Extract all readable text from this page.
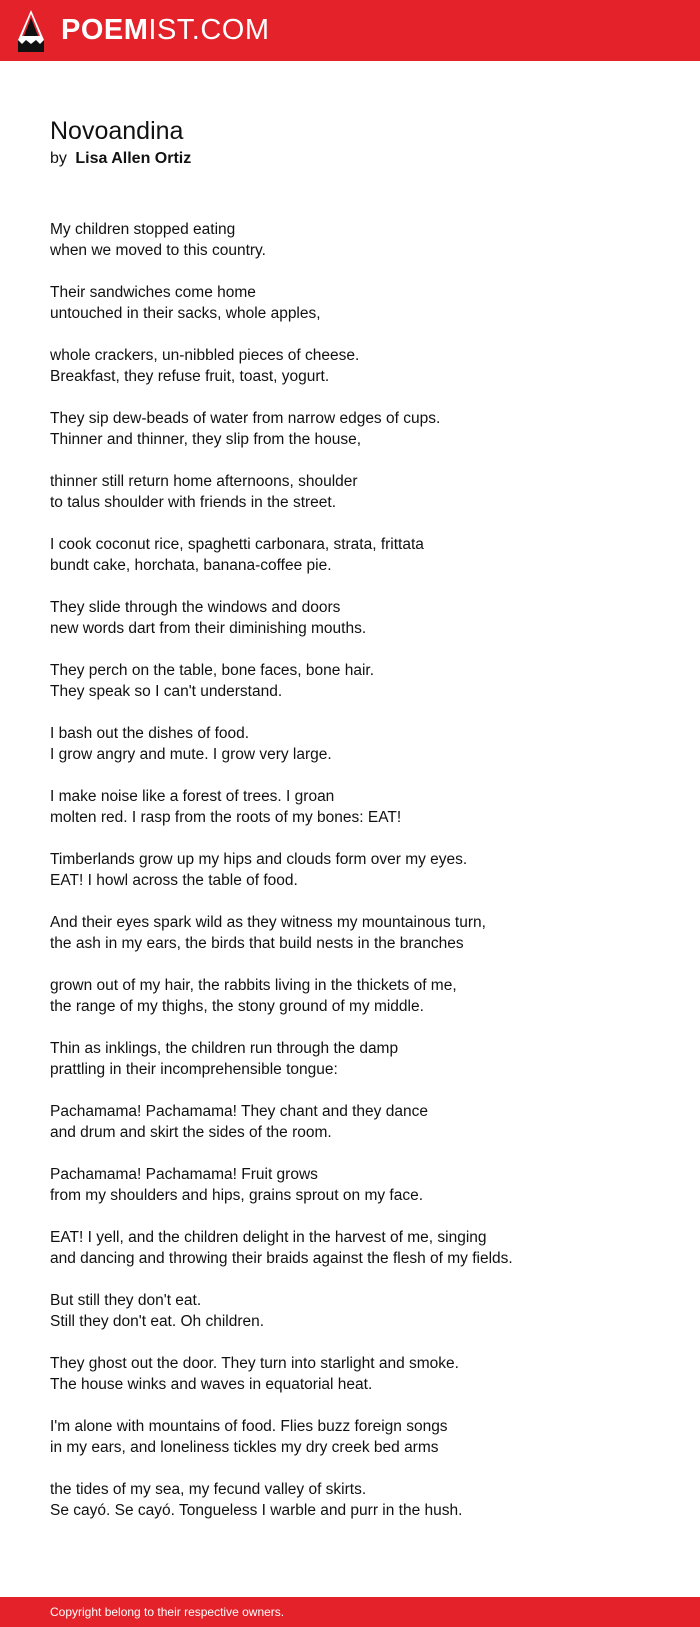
POEMIST.COM
Novoandina
by Lisa Allen Ortiz
My children stopped eating
when we moved to this country.
Their sandwiches come home
untouched in their sacks, whole apples,
whole crackers, un-nibbled pieces of cheese.
Breakfast, they refuse fruit, toast, yogurt.
They sip dew-beads of water from narrow edges of cups.
Thinner and thinner, they slip from the house,
thinner still return home afternoons, shoulder
to talus shoulder with friends in the street.
I cook coconut rice, spaghetti carbonara, strata, frittata
bundt cake, horchata, banana-coffee pie.
They slide through the windows and doors
new words dart from their diminishing mouths.
They perch on the table, bone faces, bone hair.
They speak so I can't understand.
I bash out the dishes of food.
I grow angry and mute. I grow very large.
I make noise like a forest of trees. I groan
molten red. I rasp from the roots of my bones: EAT!
Timberlands grow up my hips and clouds form over my eyes.
EAT! I howl across the table of food.
And their eyes spark wild as they witness my mountainous turn,
the ash in my ears, the birds that build nests in the branches
grown out of my hair, the rabbits living in the thickets of me,
the range of my thighs, the stony ground of my middle.
Thin as inklings, the children run through the damp
prattling in their incomprehensible tongue:
Pachamama! Pachamama! They chant and they dance
and drum and skirt the sides of the room.
Pachamama! Pachamama! Fruit grows
from my shoulders and hips, grains sprout on my face.
EAT! I yell, and the children delight in the harvest of me, singing
and dancing and throwing their braids against the flesh of my fields.
But still they don't eat.
Still they don't eat. Oh children.
They ghost out the door. They turn into starlight and smoke.
The house winks and waves in equatorial heat.
I'm alone with mountains of food. Flies buzz foreign songs
in my ears, and loneliness tickles my dry creek bed arms
the tides of my sea, my fecund valley of skirts.
Se cayó. Se cayó. Tongueless I warble and purr in the hush.
Copyright belong to their respective owners.
